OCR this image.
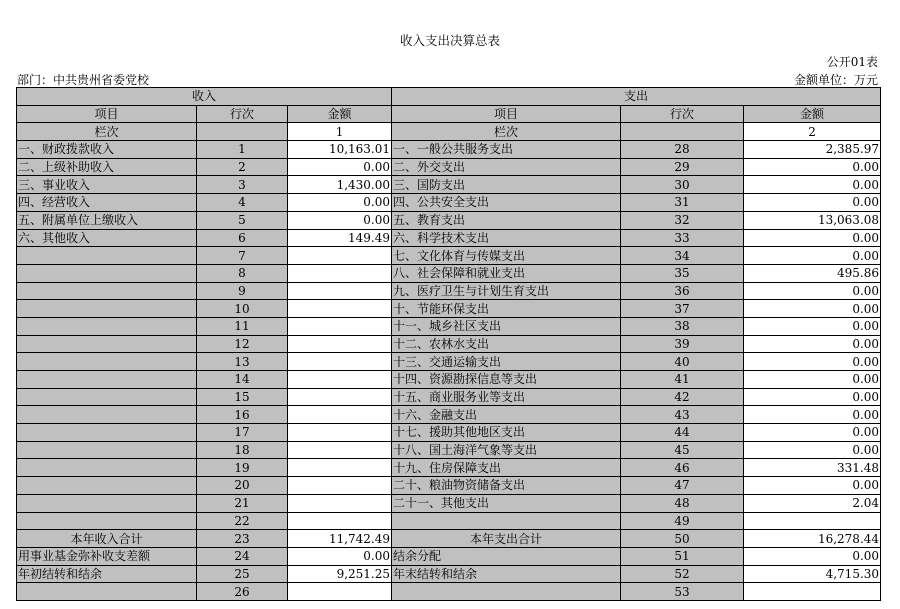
收入支出决算总表
公开01表
部门：中共贵州省委党校	金额单位：万元
收入			支出		
项目	行次	金额	项目	行次	金额
栏次		1	栏次		2
一、财政拨款收入	1	10,163.01	一、一般公共服务支出	28	2,385.97
二、上级补助收入	2	0.00	二、外交支出	29	0.00
三、事业收入	3	1,430.00	三、国防支出	30	0.00
四、经营收入	4	0.00	四、公共安全支出	31	0.00
五、附属单位上缴收入	5	0.00	五、教育支出	32	13,063.08
六、其他收入	6	149.49	六、科学技术支出	33	0.00
	7		七、文化体育与传媒支出	34	0.00
	8		八、社会保障和就业支出	35	495.86
	9		九、医疗卫生与计划生育支出	36	0.00
	10		十、节能环保支出	37	0.00
	11		十一、城乡社区支出	38	0.00
	12		十二、农林水支出	39	0.00
	13		十三、交通运输支出	40	0.00
	14		十四、资源勘探信息等支出	41	0.00
	15		十五、商业服务业等支出	42	0.00
	16		十六、金融支出	43	0.00
	17		十七、援助其他地区支出	44	0.00
	18		十八、国土海洋气象等支出	45	0.00
	19		十九、住房保障支出	46	331.48
	20		二十、粮油物资储备支出	47	0.00
	21		二十一、其他支出	48	2.04
	22			49	
本年收入合计	23	11,742.49	本年支出合计	50	16,278.44
用事业基金弥补收支差额	24	0.00	结余分配	51	0.00
年初结转和结余	25	9,251.25	年末结转和结余	52	4,715.30
	26			53	
